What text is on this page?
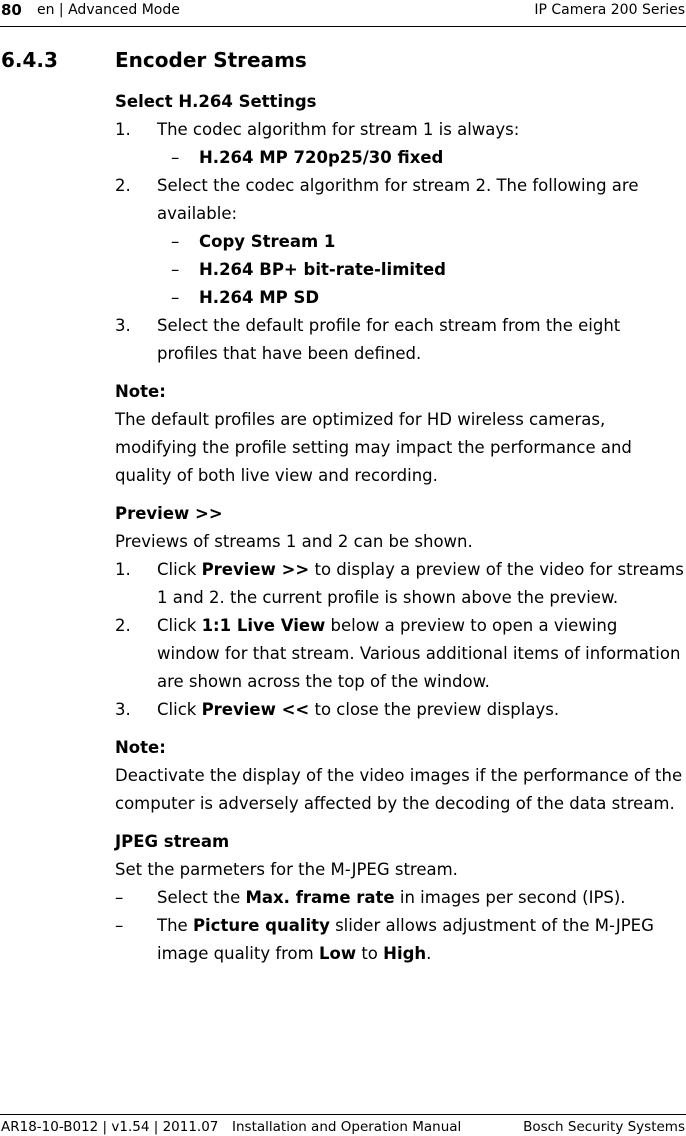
80 en | Advanced Mode	IP Camera 200 Series
6.4.3	Encoder Streams

Select H.264 Settings

1. The codec algorithm for stream 1 is always:

– H.264 MP 720p25/30 fixed

2. Select the codec algorithm for stream 2. The following are available:

– Copy Stream 1

– H.264 BP+ bit-rate-limited

– H.264 MP SD

3. Select the default profile for each stream from the eight profiles that have been defined.

Note:

The default profiles are optimized for HD wireless cameras, modifying the profile setting may impact the performance and quality of both live view and recording.

Preview >>

Previews of streams 1 and 2 can be shown.

1. Click Preview >> to display a preview of the video for streams 1 and 2. the current profile is shown above the preview.

2. Click 1:1 Live View below a preview to open a viewing window for that stream. Various additional items of information are shown across the top of the window.

3. Click Preview << to close the preview displays.

Note:

Deactivate the display of the video images if the performance of the computer is adversely affected by the decoding of the data stream.

JPEG stream

Set the parmeters for the M-JPEG stream.

– Select the Max. frame rate in images per second (IPS).

– The Picture quality slider allows adjustment of the M-JPEG image quality from Low to High.

AR18-10-B012 | v1.54 | 2011.07 Installation and Operation Manual	Bosch Security Systems
